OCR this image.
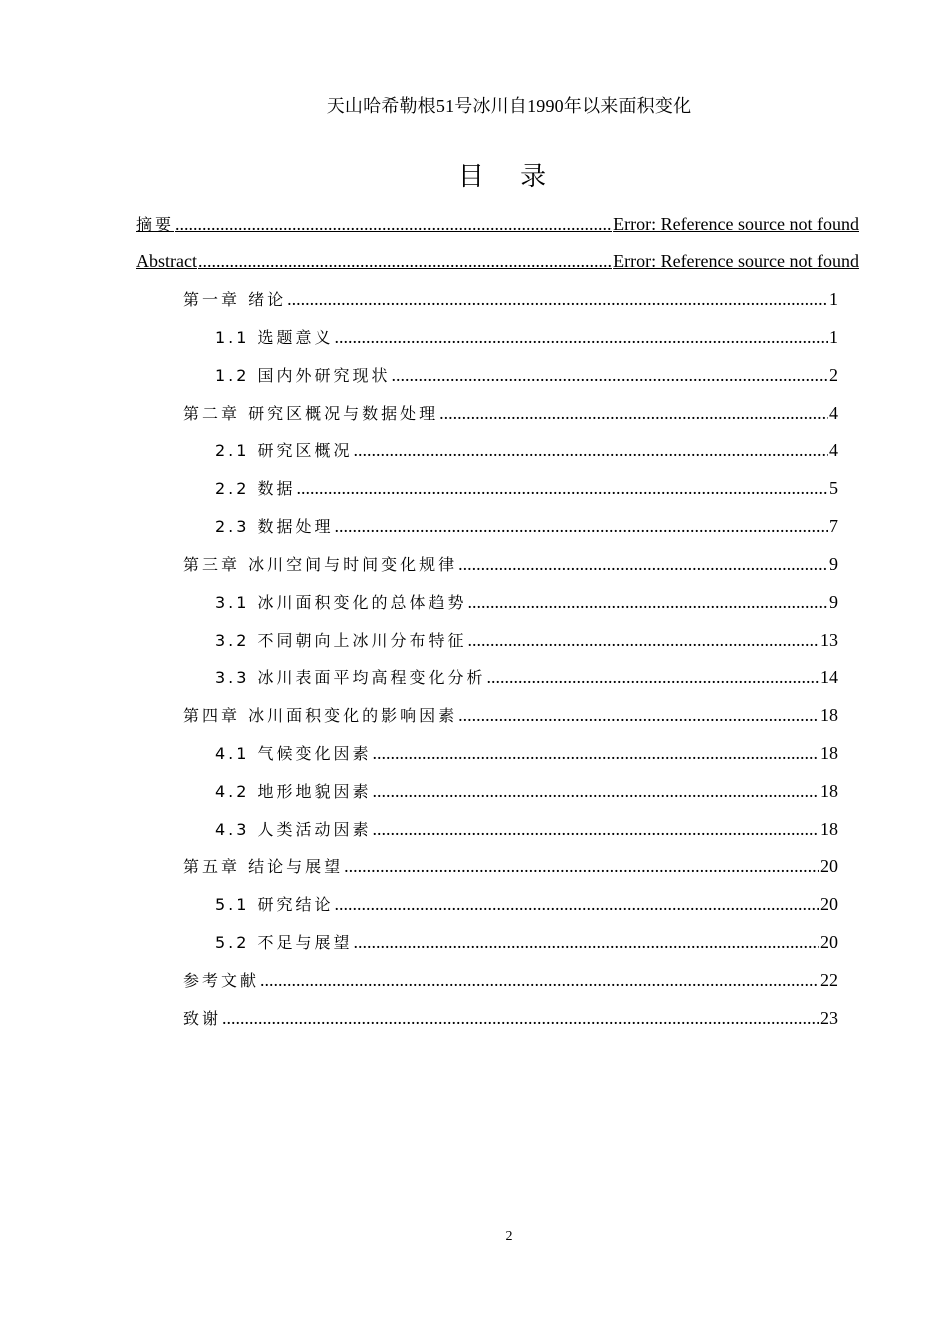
天山哈希勒根51号冰川自1990年以来面积变化
目 录
摘要 .....	Error: Reference source not found
Abstract .....	Error: Reference source not found
第一章 绪论 .....	1
1.1 选题意义 .....	1
1.2 国内外研究现状 .....	2
第二章 研究区概况与数据处理 .....	4
2.1 研究区概况 .....	4
2.2 数据 .....	5
2.3 数据处理 .....	7
第三章 冰川空间与时间变化规律 .....	9
3.1 冰川面积变化的总体趋势 .....	9
3.2 不同朝向上冰川分布特征 .....	13
3.3 冰川表面平均高程变化分析 .....	14
第四章 冰川面积变化的影响因素 .....	18
4.1 气候变化因素 .....	18
4.2 地形地貌因素 .....	18
4.3 人类活动因素 .....	18
第五章 结论与展望 .....	20
5.1 研究结论 .....	20
5.2 不足与展望 .....	20
参考文献 .....	22
致谢 .....	23
2
